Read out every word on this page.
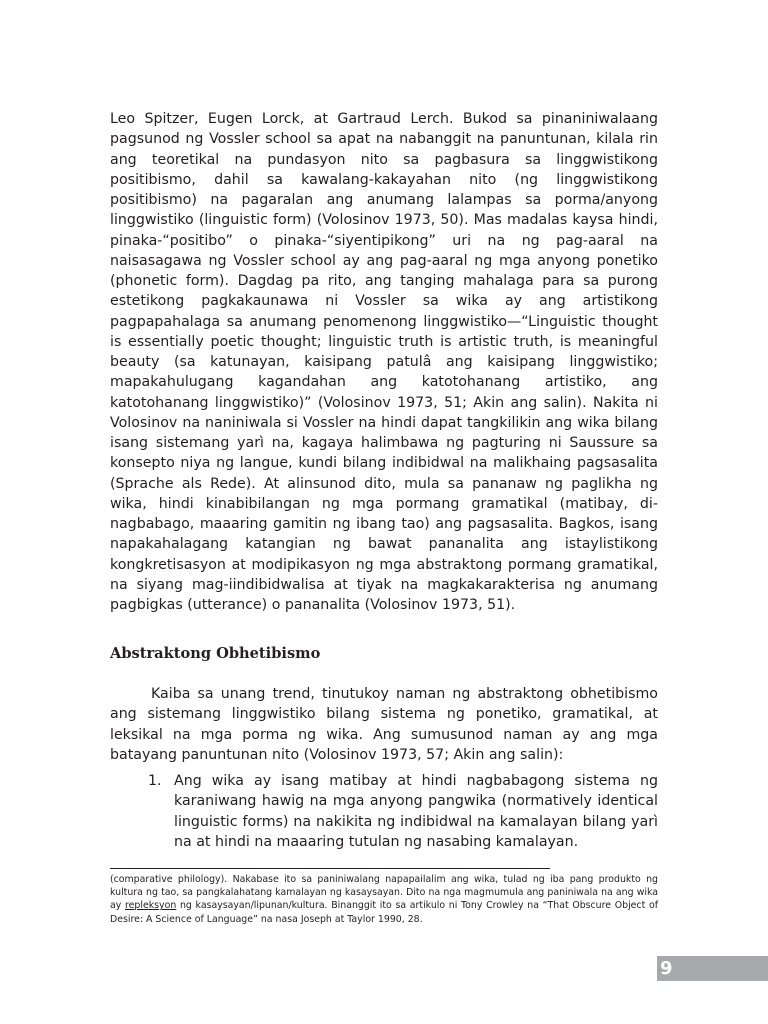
Leo Spitzer, Eugen Lorck, at Gartraud Lerch. Bukod sa pinaniniwalaang pagsunod ng Vossler school sa apat na nabanggit na panuntunan, kilala rin ang teoretikal na pundasyon nito sa pagbasura sa linggwistikong positibismo, dahil sa kawalang-kakayahan nito (ng linggwistikong positibismo) na pagaralan ang anumang lalampas sa porma/anyong linggwistiko (linguistic form) (Volosinov 1973, 50). Mas madalas kaysa hindi, pinaka-“positibo” o pinaka-“siyentipikong” uri na ng pag-aaral na naisasagawa ng Vossler school ay ang pag-aaral ng mga anyong ponetiko (phonetic form). Dagdag pa rito, ang tanging mahalaga para sa purong estetikong pagkakaunawa ni Vossler sa wika ay ang artistikong pagpapahalaga sa anumang penomenong linggwistiko—“Linguistic thought is essentially poetic thought; linguistic truth is artistic truth, is meaningful beauty (sa katunayan, kaisipang patulâ ang kaisipang linggwistiko; mapakahulugang kagandahan ang katotohanang artistiko, ang katotohanang linggwistiko)” (Volosinov 1973, 51; Akin ang salin). Nakita ni Volosinov na naniniwala si Vossler na hindi dapat tangkilikin ang wika bilang isang sistemang yarì na, kagaya halimbawa ng pagturing ni Saussure sa konsepto niya ng langue, kundi bilang indibidwal na malikhaing pagsasalita (Sprache als Rede). At alinsunod dito, mula sa pananaw ng paglikha ng wika, hindi kinabibilangan ng mga pormang gramatikal (matibay, di-nagbabago, maaaring gamitin ng ibang tao) ang pagsasalita. Bagkos, isang napakahalagang katangian ng bawat pananalita ang istaylistikong kongkretisasyon at modipikasyon ng mga abstraktong pormang gramatikal, na siyang mag-iindibidwalisa at tiyak na magkakarakterisa ng anumang pagbigkas (utterance) o pananalita (Volosinov 1973, 51).

Abstraktong Obhetibismo

Kaiba sa unang trend, tinutukoy naman ng abstraktong obhetibismo ang sistemang linggwistiko bilang sistema ng ponetiko, gramatikal, at leksikal na mga porma ng wika. Ang sumusunod naman ay ang mga batayang panuntunan nito (Volosinov 1973, 57; Akin ang salin):

1. Ang wika ay isang matibay at hindi nagbabagong sistema ng karaniwang hawig na mga anyong pangwika (normatively identical linguistic forms) na nakikita ng indibidwal na kamalayan bilang yarì na at hindi na maaaring tutulan ng nasabing kamalayan.

(comparative philology). Nakabase ito sa paniniwalang napapailalim ang wika, tulad ng iba pang produkto ng kultura ng tao, sa pangkalahatang kamalayan ng kasaysayan. Dito na nga magmumula ang paniniwala na ang wika ay repleksyon ng kasaysayan/lipunan/kultura. Binanggit ito sa artikulo ni Tony Crowley na “That Obscure Object of Desire: A Science of Language” na nasa Joseph at Taylor 1990, 28.

9
